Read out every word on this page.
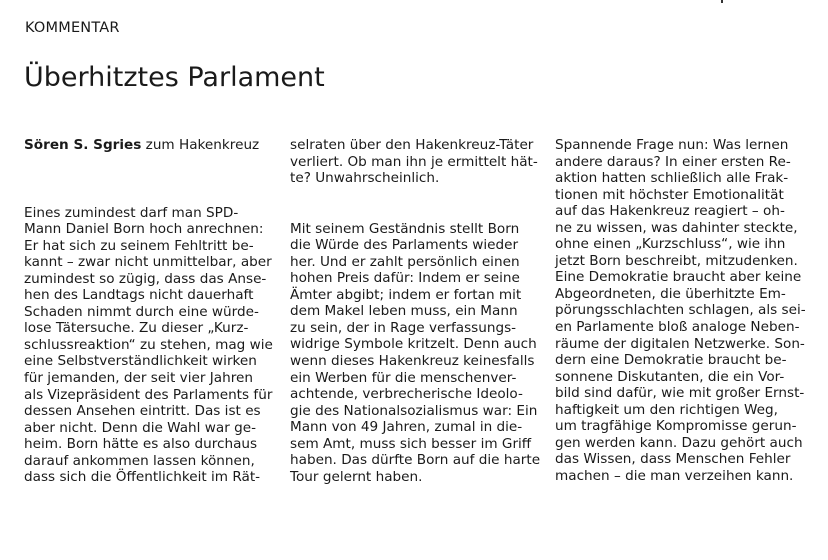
KOMMENTAR
Überhitztes Parlament

Sören S. Sgries zum Hakenkreuz

Eines zumindest darf man SPD-

Mann Daniel Born hoch anrechnen:

Er hat sich zu seinem Fehltritt be-

kannt – zwar nicht unmittelbar, aber

zumindest so zügig, dass das Anse-

hen des Landtags nicht dauerhaft

Schaden nimmt durch eine würde-

lose Tätersuche. Zu dieser „Kurz-

schlussreaktion“ zu stehen, mag wie

eine Selbstverständlichkeit wirken

für jemanden, der seit vier Jahren

als Vizepräsident des Parlaments für

dessen Ansehen eintritt. Das ist es

aber nicht. Denn die Wahl war ge-

heim. Born hätte es also durchaus

darauf ankommen lassen können,

dass sich die Öffentlichkeit im Rät-

selraten über den Hakenkreuz-Täter

verliert. Ob man ihn je ermittelt hät-

te? Unwahrscheinlich.

Mit seinem Geständnis stellt Born

die Würde des Parlaments wieder

her. Und er zahlt persönlich einen

hohen Preis dafür: Indem er seine

Ämter abgibt; indem er fortan mit

dem Makel leben muss, ein Mann

zu sein, der in Rage verfassungs-

widrige Symbole kritzelt. Denn auch

wenn dieses Hakenkreuz keinesfalls

ein Werben für die menschenver-

achtende, verbrecherische Ideolo-

gie des Nationalsozialismus war: Ein

Mann von 49 Jahren, zumal in die-

sem Amt, muss sich besser im Griff

haben. Das dürfte Born auf die harte

Tour gelernt haben.

Spannende Frage nun: Was lernen

andere daraus? In einer ersten Re-

aktion hatten schließlich alle Frak-

tionen mit höchster Emotionalität

auf das Hakenkreuz reagiert – oh-

ne zu wissen, was dahinter steckte,

ohne einen „Kurzschluss“, wie ihn

jetzt Born beschreibt, mitzudenken.

Eine Demokratie braucht aber keine

Abgeordneten, die überhitzte Em-

pörungsschlachten schlagen, als sei-

en Parlamente bloß analoge Neben-

räume der digitalen Netzwerke. Son-

dern eine Demokratie braucht be-

sonnene Diskutanten, die ein Vor-

bild sind dafür, wie mit großer Ernst-

haftigkeit um den richtigen Weg,

um tragfähige Kompromisse gerun-

gen werden kann. Dazu gehört auch

das Wissen, dass Menschen Fehler

machen – die man verzeihen kann.
